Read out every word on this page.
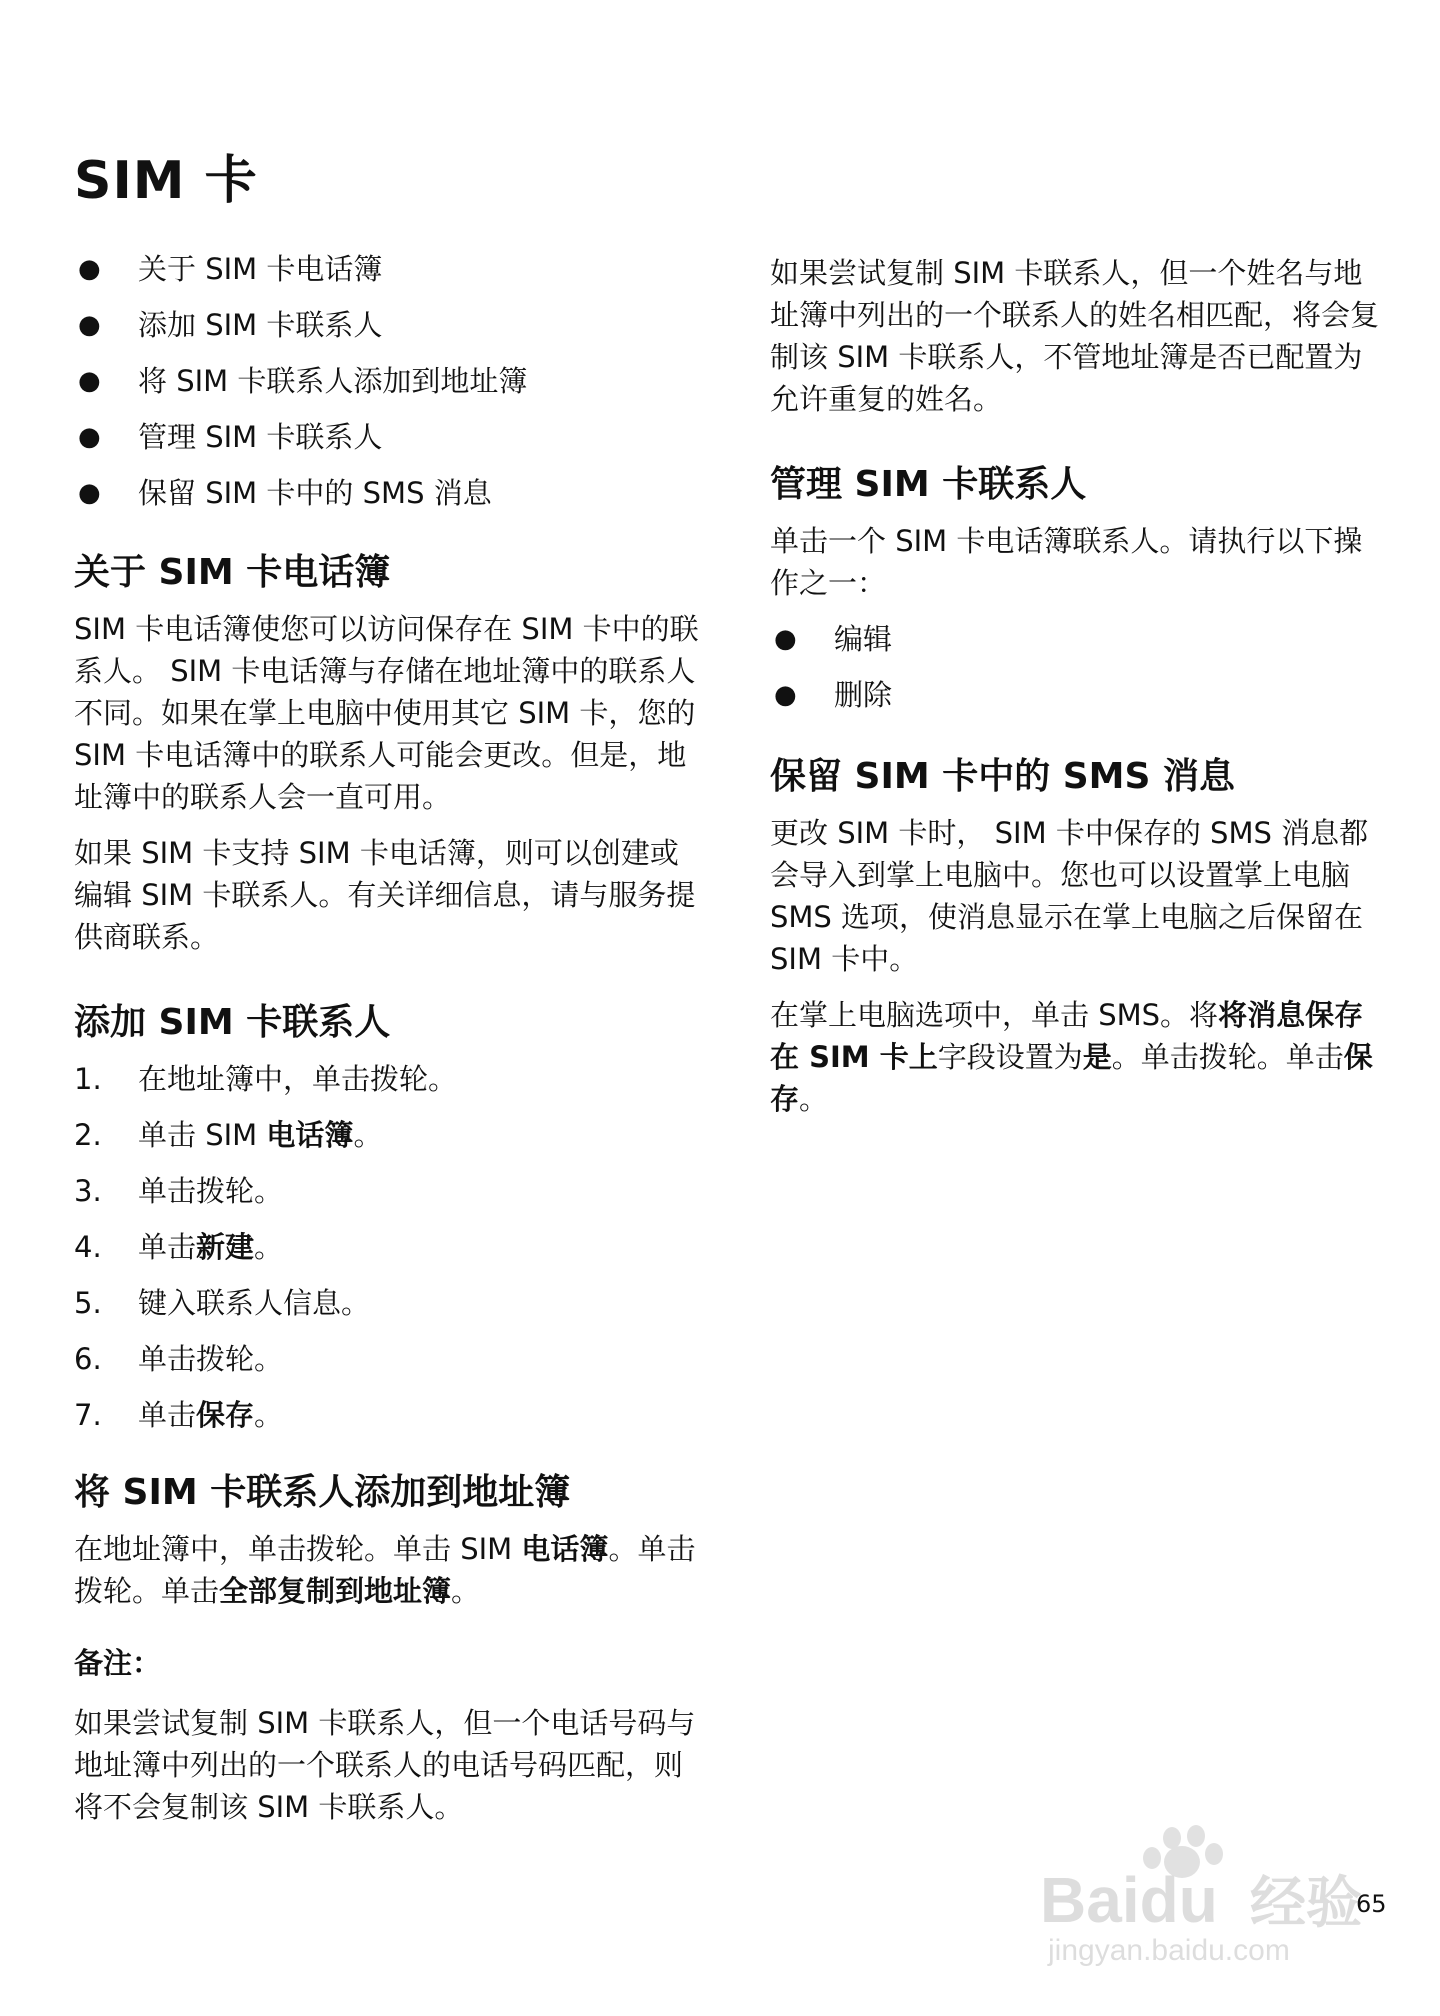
SIM 卡
● 关于 SIM 卡电话簿
● 添加 SIM 卡联系人
● 将 SIM 卡联系人添加到地址簿
● 管理 SIM 卡联系人
● 保留 SIM 卡中的 SMS 消息
关于 SIM 卡电话簿

SIM 卡电话簿使您可以访问保存在 SIM 卡中的联系人。 SIM 卡电话簿与存储在地址簿中的联系人不同。如果在掌上电脑中使用其它 SIM 卡，您的 SIM 卡电话簿中的联系人可能会更改。但是，地址簿中的联系人会一直可用。

如果 SIM 卡支持 SIM 卡电话簿，则可以创建或编辑 SIM 卡联系人。有关详细信息，请与服务提供商联系。

添加 SIM 卡联系人
1. 在地址簿中，单击拨轮。
2. 单击 SIM 电话簿。
3. 单击拨轮。
4. 单击新建。
5. 键入联系人信息。
6. 单击拨轮。
7. 单击保存。
将 SIM 卡联系人添加到地址簿

在地址簿中，单击拨轮。单击 SIM 电话簿。单击拨轮。单击全部复制到地址簿。

备注：

如果尝试复制 SIM 卡联系人，但一个电话号码与地址簿中列出的一个联系人的电话号码匹配，则将不会复制该 SIM 卡联系人。

如果尝试复制 SIM 卡联系人，但一个姓名与地址簿中列出的一个联系人的姓名相匹配，将会复制该 SIM 卡联系人，不管地址簿是否已配置为允许重复的姓名。

管理 SIM 卡联系人

单击一个 SIM 卡电话簿联系人。请执行以下操作之一：

● 编辑
● 删除
保留 SIM 卡中的 SMS 消息

更改 SIM 卡时， SIM 卡中保存的 SMS 消息都会导入到掌上电脑中。您也可以设置掌上电脑 SMS 选项，使消息显示在掌上电脑之后保留在 SIM 卡中。

在掌上电脑选项中，单击 SMS。将将消息保存在 SIM 卡上字段设置为是。单击拨轮。单击保存。

Baidu 经验
jingyan.baidu.com
65
